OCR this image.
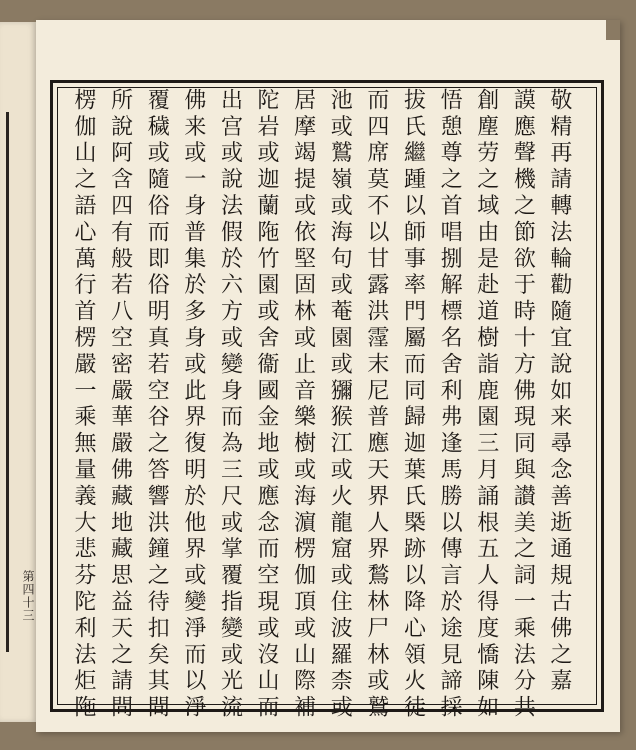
第四十三	敬精再請轉法輪勸隨宜說如来尋念善逝通規古佛之嘉
謨應聲機之節欲于時十方佛現同與讃美之詞一乘法分共
創塵劳之域由是赴道樹詣鹿園三月誦根五人得度憍陳如
悟憩尊之首唱捌解標名舍利弗逢馬勝以傳言於途見諦採
拔氏繼踵以師事率門屬而同歸迦葉氏槩跡以降心領火徒
而四席莫不以甘露洪霪末尼普應天界人界鶖林尸林或鷲
池或鷲嶺或海句或菴園或獼猴江或火龍窟或住波羅柰或
居摩竭提或依堅固林或止音樂樹或海濵楞伽頂或山際補
陀岩或迦蘭陁竹園或舍衞國金地或應念而空現或沒山而
出宫或說法假於六方或變身而為三尺或掌覆指變或光流
佛来或一身普集於多身或此界復明於他界或變淨而以淨
覆穢或隨俗而即俗明真若空谷之答響洪鐘之待扣矣其間
所說阿含四有般若八空密嚴華嚴佛藏地藏思益天之請問
楞伽山之語心萬行首楞嚴一乘無量義大悲芬陀利法炬陁
